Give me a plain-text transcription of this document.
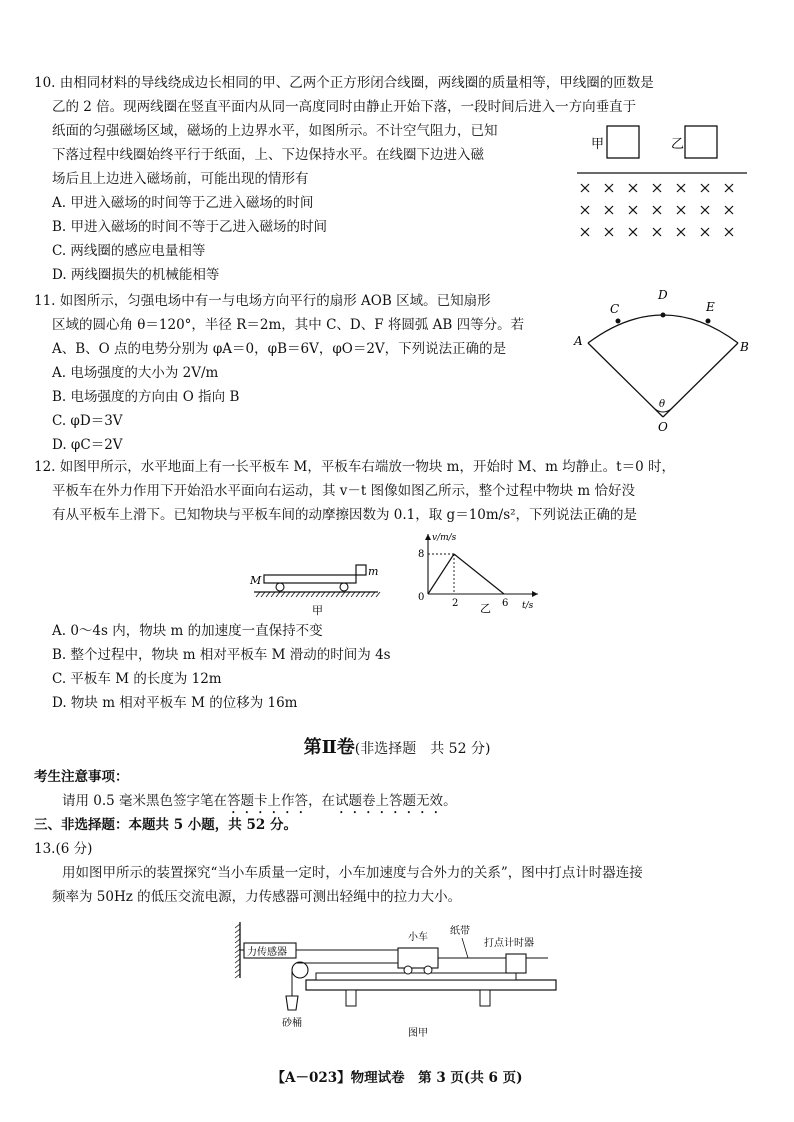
10. 由相同材料的导线绕成边长相同的甲、乙两个正方形闭合线圈，两线圈的质量相等，甲线圈的匝数是
乙的 2 倍。现两线圈在竖直平面内从同一高度同时由静止开始下落，一段时间后进入一方向垂直于
纸面的匀强磁场区域，磁场的上边界水平，如图所示。不计空气阻力，已知
下落过程中线圈始终平行于纸面，上、下边保持水平。在线圈下边进入磁
场后且上边进入磁场前，可能出现的情形有
A. 甲进入磁场的时间等于乙进入磁场的时间
B. 甲进入磁场的时间不等于乙进入磁场的时间
C. 两线圈的感应电量相等
D. 两线圈损失的机械能相等
甲	乙
11. 如图所示，匀强电场中有一与电场方向平行的扇形 AOB 区域。已知扇形
区域的圆心角 θ＝120°，半径 R＝2m，其中 C、D、F 将圆弧 AB 四等分。若
A、B、O 点的电势分别为 φA＝0，φB＝6V，φO＝2V，下列说法正确的是
A. 电场强度的大小为 2V/m
B. 电场强度的方向由 O 指向 B
C. φD＝3V
D. φC＝2V
A	B
C
D
E
O
θ
12. 如图甲所示，水平地面上有一长平板车 M，平板车右端放一物块 m，开始时 M、m 均静止。t＝0 时，
平板车在外力作用下开始沿水平面向右运动，其 v－t 图像如图乙所示，整个过程中物块 m 恰好没
有从平板车上滑下。已知物块与平板车间的动摩擦因数为 0.1，取 g＝10m/s²，下列说法正确的是
M
m
甲
v/m/s
t/s
0
8
2	6
乙
A. 0～4s 内，物块 m 的加速度一直保持不变
B. 整个过程中，物块 m 相对平板车 M 滑动的时间为 4s
C. 平板车 M 的长度为 12m
D. 物块 m 相对平板车 M 的位移为 16m
第Ⅱ卷(非选择题　共 52 分)
考生注意事项：
请用 0.5 毫米黑色签字笔在答题卡上作答，在试题卷上答题无效。
三、非选择题：本题共 5 小题，共 52 分。
13.(6 分)
用如图甲所示的装置探究“当小车质量一定时，小车加速度与合外力的关系”，图中打点计时器连接
频率为 50Hz 的低压交流电源，力传感器可测出轻绳中的拉力大小。
力传感器
砂桶
小车
纸带
打点计时器
图甲
【A－023】物理试卷　第 3 页(共 6 页)
